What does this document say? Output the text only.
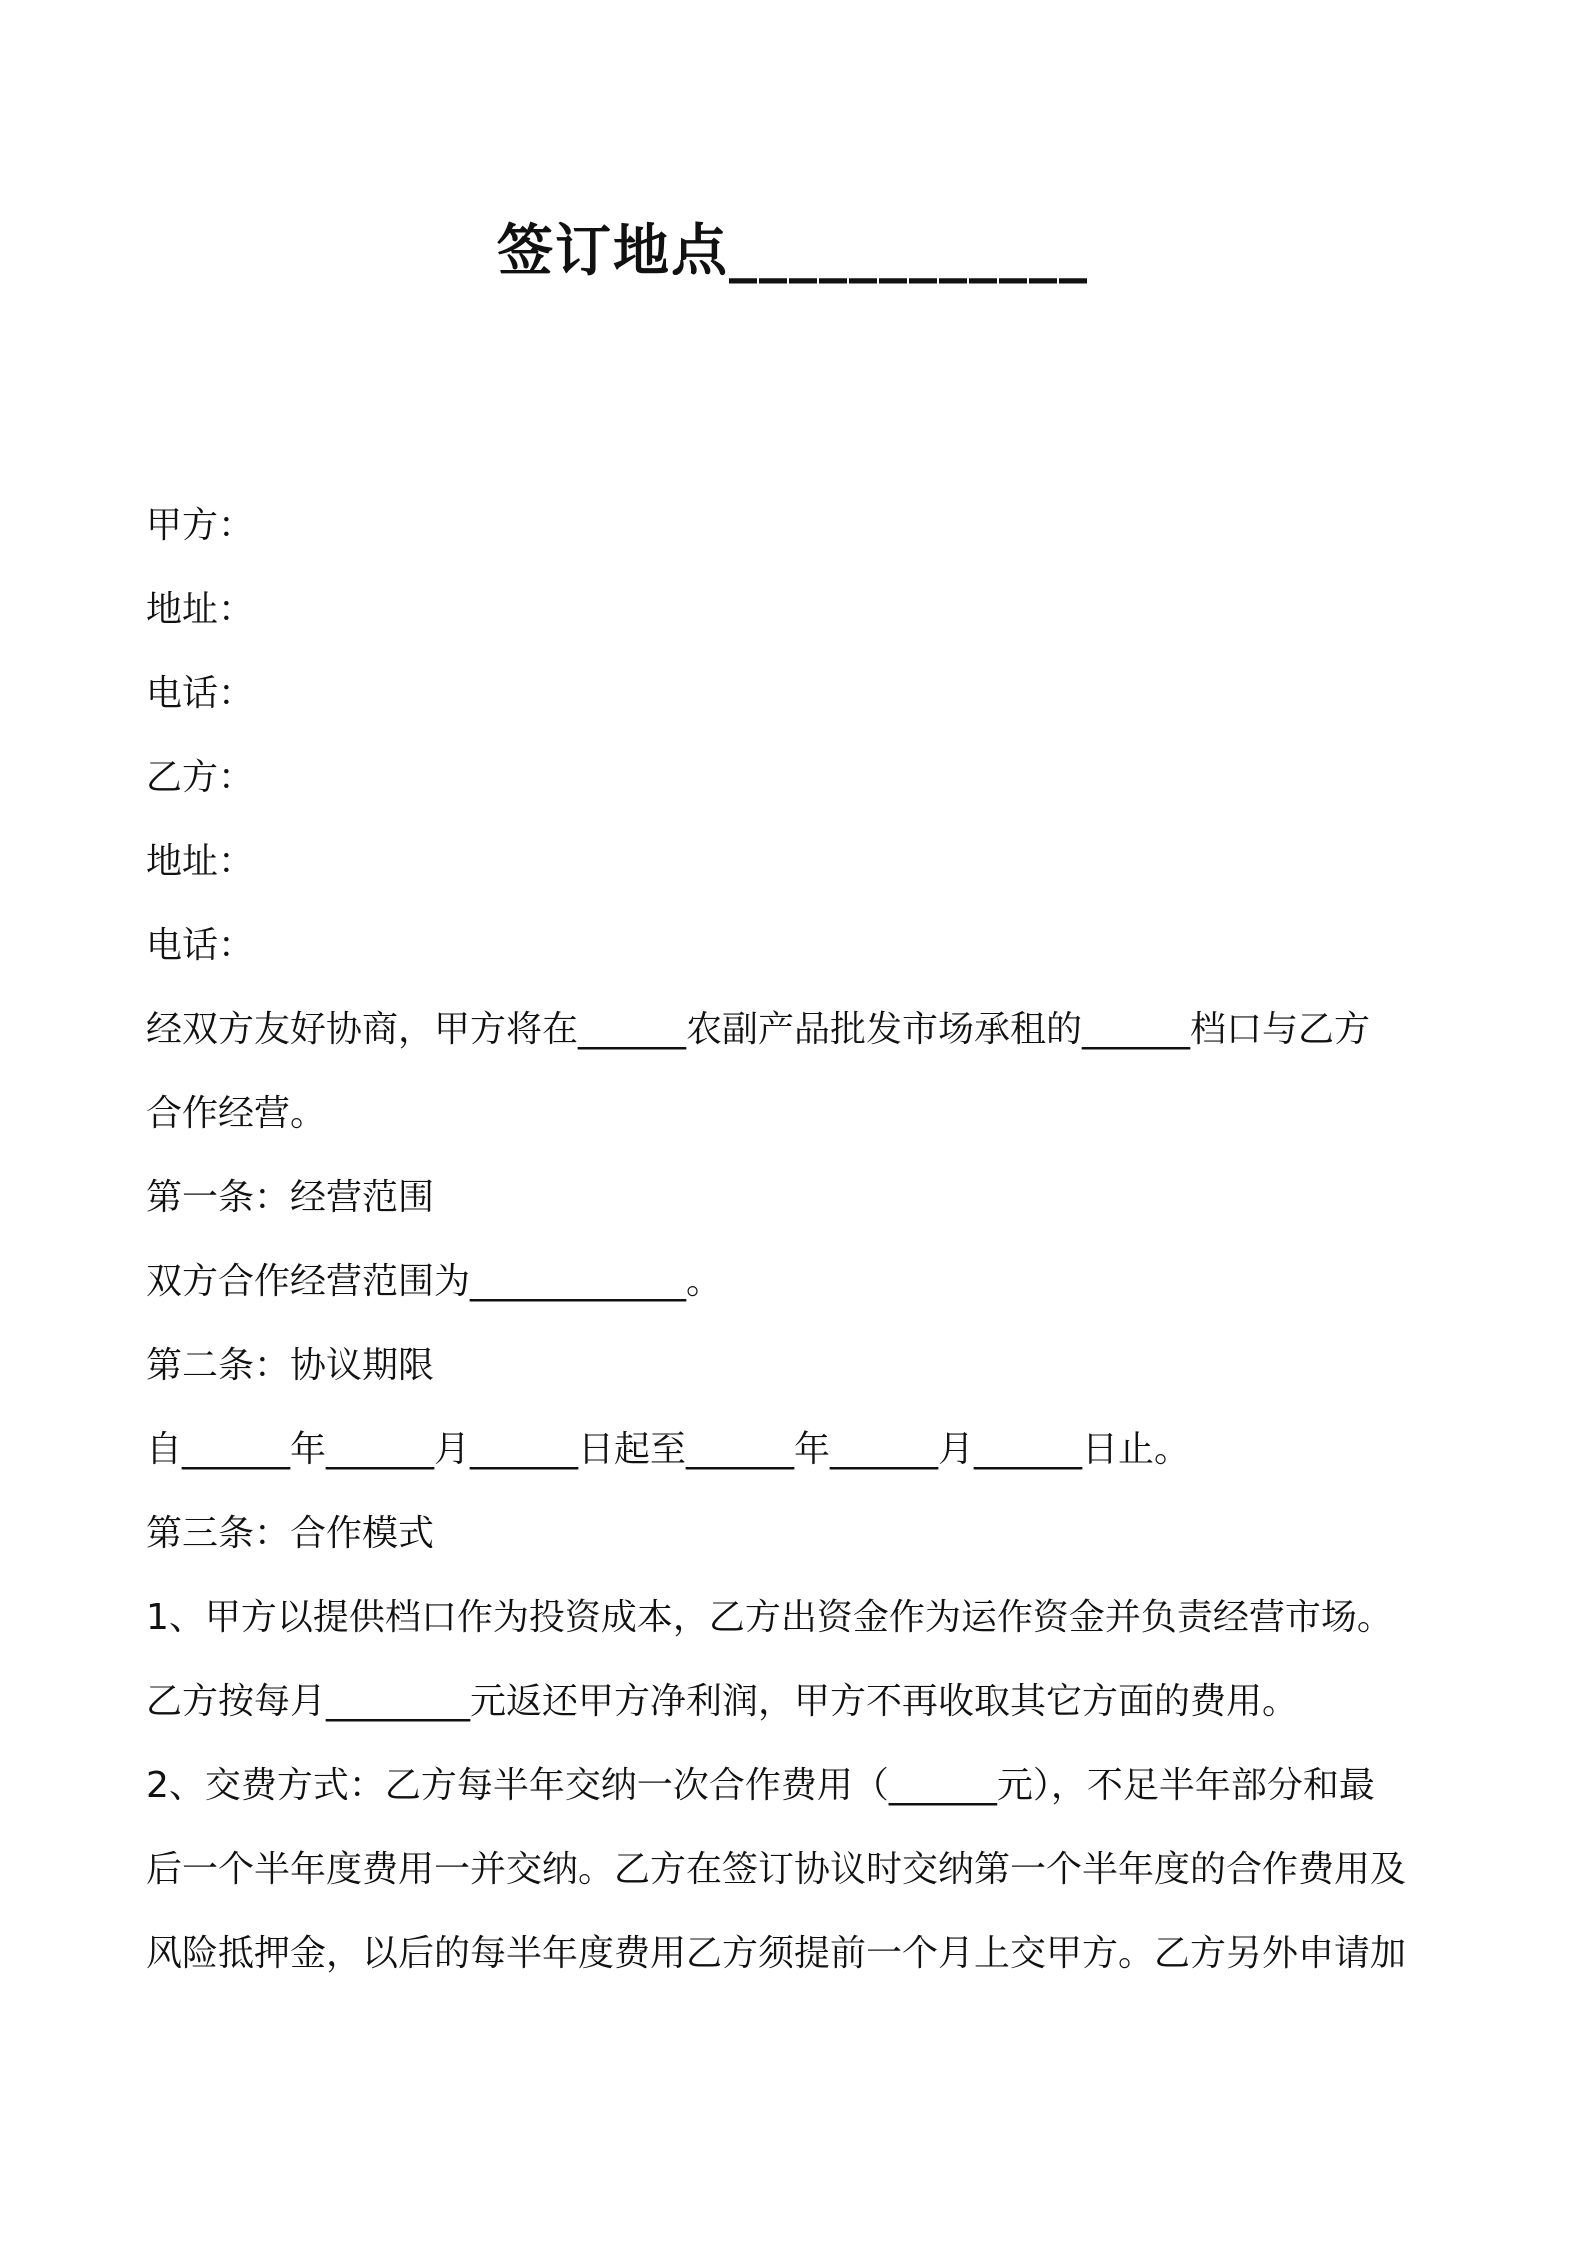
签订地点____________
甲方：
地址：
电话：
乙方：
地址：
电话：
经双方友好协商，甲方将在______农副产品批发市场承租的______档口与乙方
合作经营。
第一条：经营范围
双方合作经营范围为____________。
第二条：协议期限
自______年______月______日起至______年______月______日止。
第三条：合作模式
1、甲方以提供档口作为投资成本，乙方出资金作为运作资金并负责经营市场。
乙方按每月________元返还甲方净利润，甲方不再收取其它方面的费用。
2、交费方式：乙方每半年交纳一次合作费用（______元），不足半年部分和最
后一个半年度费用一并交纳。乙方在签订协议时交纳第一个半年度的合作费用及
风险抵押金，以后的每半年度费用乙方须提前一个月上交甲方。乙方另外申请加
